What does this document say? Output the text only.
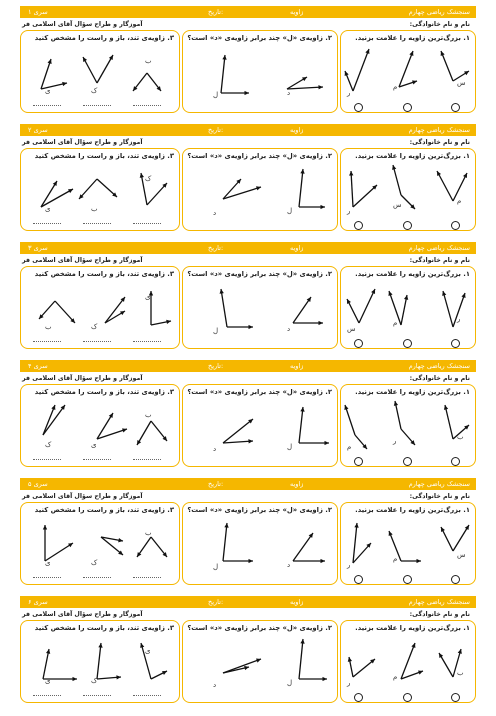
سنجشک ریاضی چهارم
زاویه
تاریخ:
سری ۱
نام و نام خانوادگی:
آموزگار و طراح سؤال آقای اسلامی فر
۱. بزرگ‌ترین زاویه را علامت بزنید.
ر
م	س
۲. زاویه‌ی «ل» چند برابر زاویه‌ی «د» است؟
ل	د
۳. زاویه‌ی تند، باز و راست را مشخص کنید
ی	ک
ب
سنجشک ریاضی چهارم
زاویه
تاریخ:
سری ۲
نام و نام خانوادگی:
آموزگار و طراح سؤال آقای اسلامی فر
۱. بزرگ‌ترین زاویه را علامت بزنید.
ر
س	م
۲. زاویه‌ی «ل» چند برابر زاویه‌ی «د» است؟
د	ل
۳. زاویه‌ی تند، باز و راست را مشخص کنید
ی	ب
ک
سنجشک ریاضی چهارم
زاویه
تاریخ:
سری ۳
نام و نام خانوادگی:
آموزگار و طراح سؤال آقای اسلامی فر
۱. بزرگ‌ترین زاویه را علامت بزنید.
س
م	ر
۲. زاویه‌ی «ل» چند برابر زاویه‌ی «د» است؟
ل	د
۳. زاویه‌ی تند، باز و راست را مشخص کنید
ب	ک
ی
سنجشک ریاضی چهارم
زاویه
تاریخ:
سری ۴
نام و نام خانوادگی:
آموزگار و طراح سؤال آقای اسلامی فر
۱. بزرگ‌ترین زاویه را علامت بزنید.
م
ر	ب
۲. زاویه‌ی «ل» چند برابر زاویه‌ی «د» است؟
د	ل
۳. زاویه‌ی تند، باز و راست را مشخص کنید
ک	ی
ب
سنجشک ریاضی چهارم
زاویه
تاریخ:
سری ۵
نام و نام خانوادگی:
آموزگار و طراح سؤال آقای اسلامی فر
۱. بزرگ‌ترین زاویه را علامت بزنید.
ر
م	س
۲. زاویه‌ی «ل» چند برابر زاویه‌ی «د» است؟
ل	د
۳. زاویه‌ی تند، باز و راست را مشخص کنید
ی	ک
ب
سنجشک ریاضی چهارم
زاویه
تاریخ:
سری ۶
نام و نام خانوادگی:
آموزگار و طراح سؤال آقای اسلامی فر
۱. بزرگ‌ترین زاویه را علامت بزنید.
ر
م	ب
۲. زاویه‌ی «ل» چند برابر زاویه‌ی «د» است؟
د	ل
۳. زاویه‌ی تند، باز و راست را مشخص کنید
ی	ک
ی
